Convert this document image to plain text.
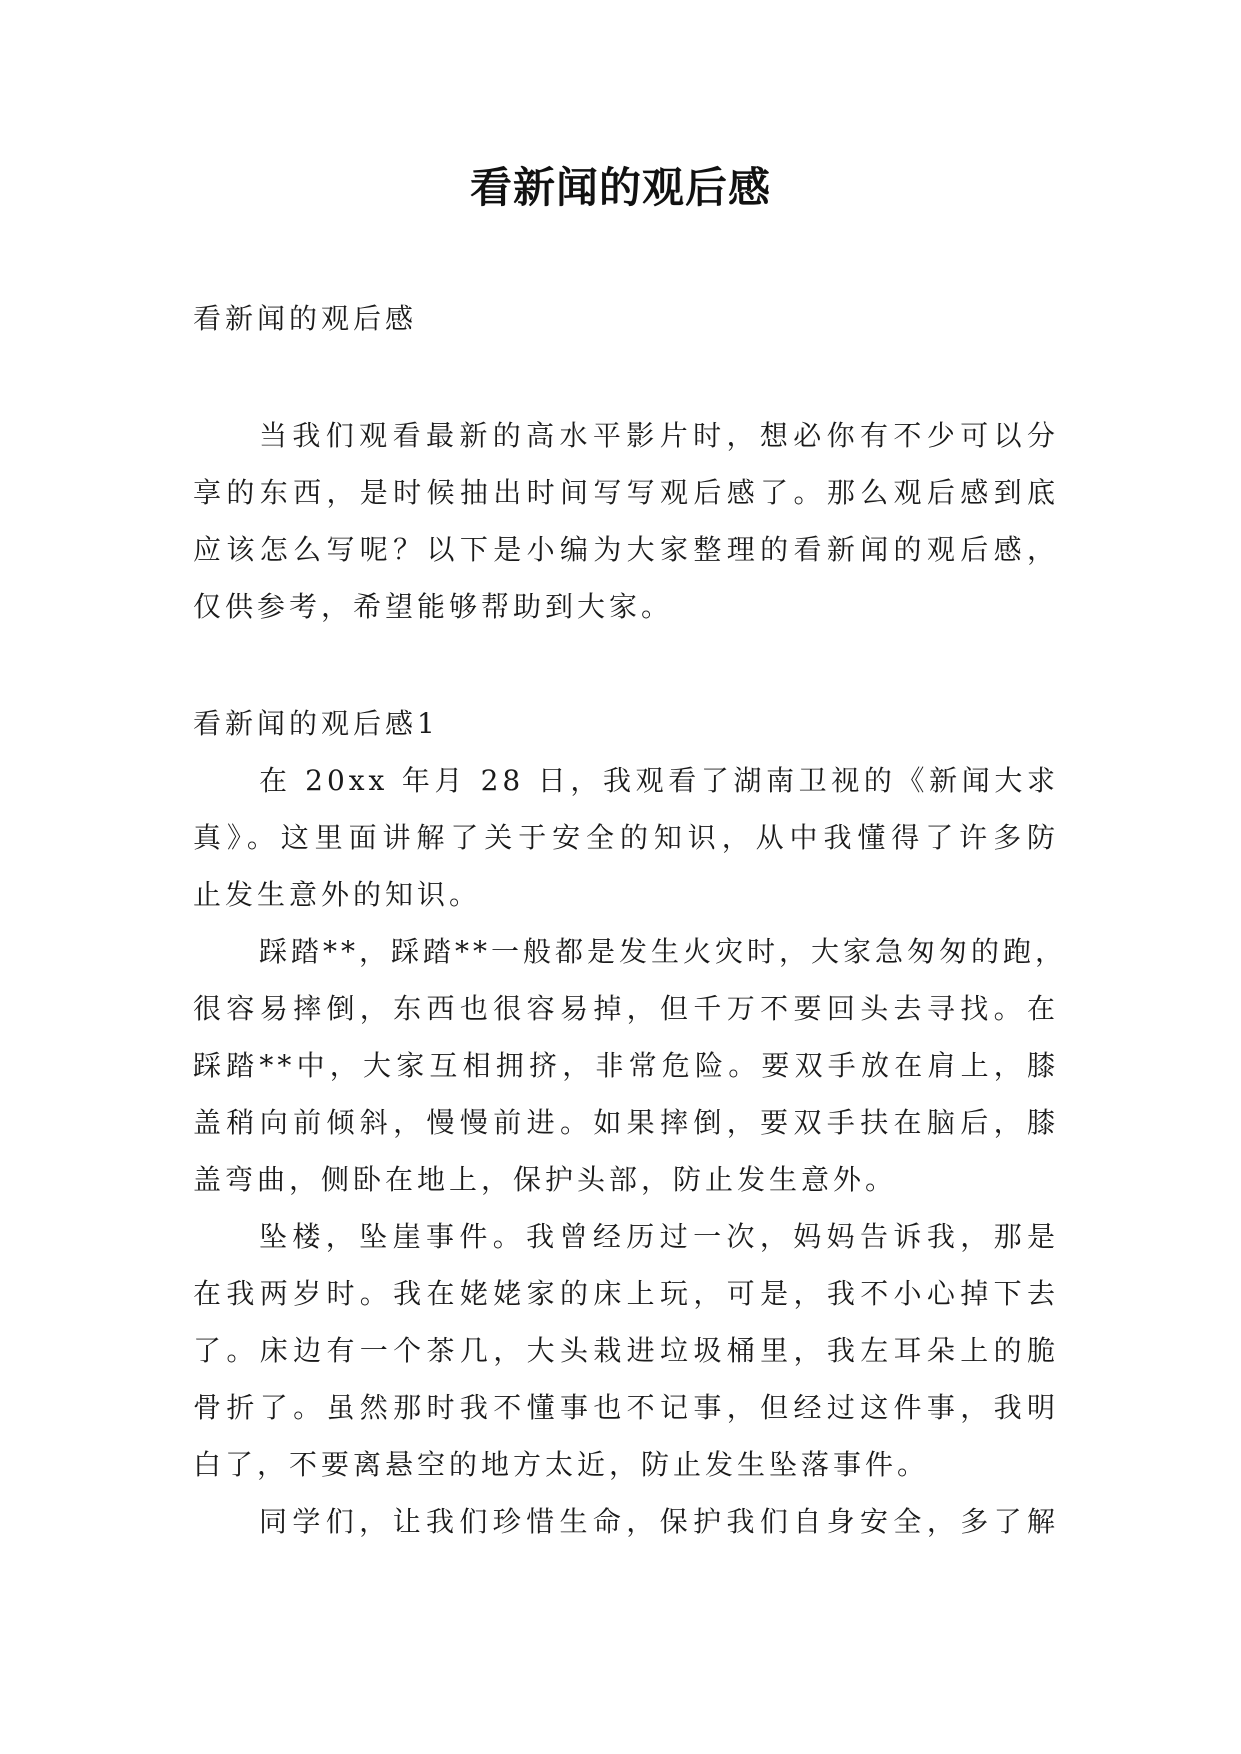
看新闻的观后感
看新闻的观后感
当我们观看最新的高水平影片时，想必你有不少可以分
享的东西，是时候抽出时间写写观后感了。那么观后感到底
应该怎么写呢？以下是小编为大家整理的看新闻的观后感，
仅供参考，希望能够帮助到大家。
看新闻的观后感1
在 20xx 年月 28 日，我观看了湖南卫视的《新闻大求
真》。这里面讲解了关于安全的知识，从中我懂得了许多防
止发生意外的知识。
踩踏**，踩踏**一般都是发生火灾时，大家急匆匆的跑，
很容易摔倒，东西也很容易掉，但千万不要回头去寻找。在
踩踏**中，大家互相拥挤，非常危险。要双手放在肩上，膝
盖稍向前倾斜，慢慢前进。如果摔倒，要双手扶在脑后，膝
盖弯曲，侧卧在地上，保护头部，防止发生意外。
坠楼，坠崖事件。我曾经历过一次，妈妈告诉我，那是
在我两岁时。我在姥姥家的床上玩，可是，我不小心掉下去
了。床边有一个茶几，大头栽进垃圾桶里，我左耳朵上的脆
骨折了。虽然那时我不懂事也不记事，但经过这件事，我明
白了，不要离悬空的地方太近，防止发生坠落事件。
同学们，让我们珍惜生命，保护我们自身安全，多了解
